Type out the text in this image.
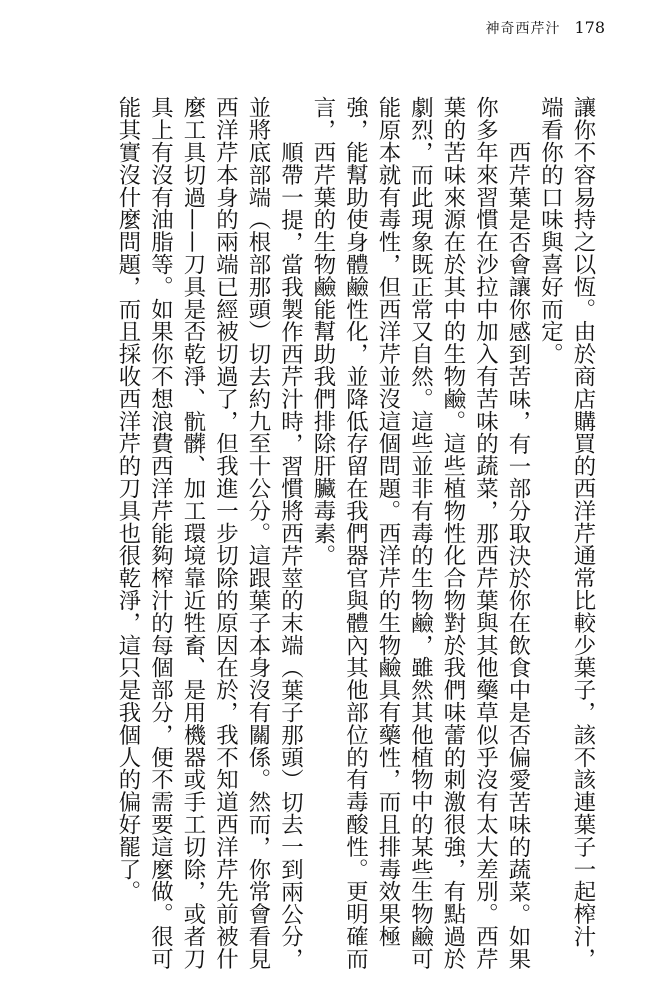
神奇西芹汁 178

讓你不容易持之以恆。由於商店購買的西洋芹通常比較少葉子，該不該連葉子一起榨汁，端看你的口味與喜好而定。

西芹葉是否會讓你感到苦味，有一部分取決於你在飲食中是否偏愛苦味的蔬菜。如果你多年來習慣在沙拉中加入有苦味的蔬菜，那西芹葉與其他藥草似乎沒有太大差別。西芹葉的苦味來源在於其中的生物鹼。這些植物性化合物對於我們味蕾的刺激很強，有點過於劇烈，而此現象既正常又自然。這些並非有毒的生物鹼，雖然其他植物中的某些生物鹼可能原本就有毒性，但西洋芹並沒這個問題。西洋芹的生物鹼具有藥性，而且排毒效果極強，能幫助使身體鹼性化，並降低存留在我們器官與體內其他部位的有毒酸性。更明確而言，西芹葉的生物鹼能幫助我們排除肝臟毒素。

順帶一提，當我製作西芹汁時，習慣將西芹莖的末端（葉子那頭）切去一到兩公分，並將底部端（根部那頭）切去約九至十公分。這跟葉子本身沒有關係。然而，你常會看見西洋芹本身的兩端已經被切過了，但我進一步切除的原因在於，我不知道西洋芹先前被什麼工具切過——刀具是否乾淨、骯髒、加工環境靠近牲畜、是用機器或手工切除，或者刀具上有沒有油脂等。如果你不想浪費西洋芹能夠榨汁的每個部分，便不需要這麼做。很可能其實沒什麼問題，而且採收西洋芹的刀具也很乾淨，這只是我個人的偏好罷了。
